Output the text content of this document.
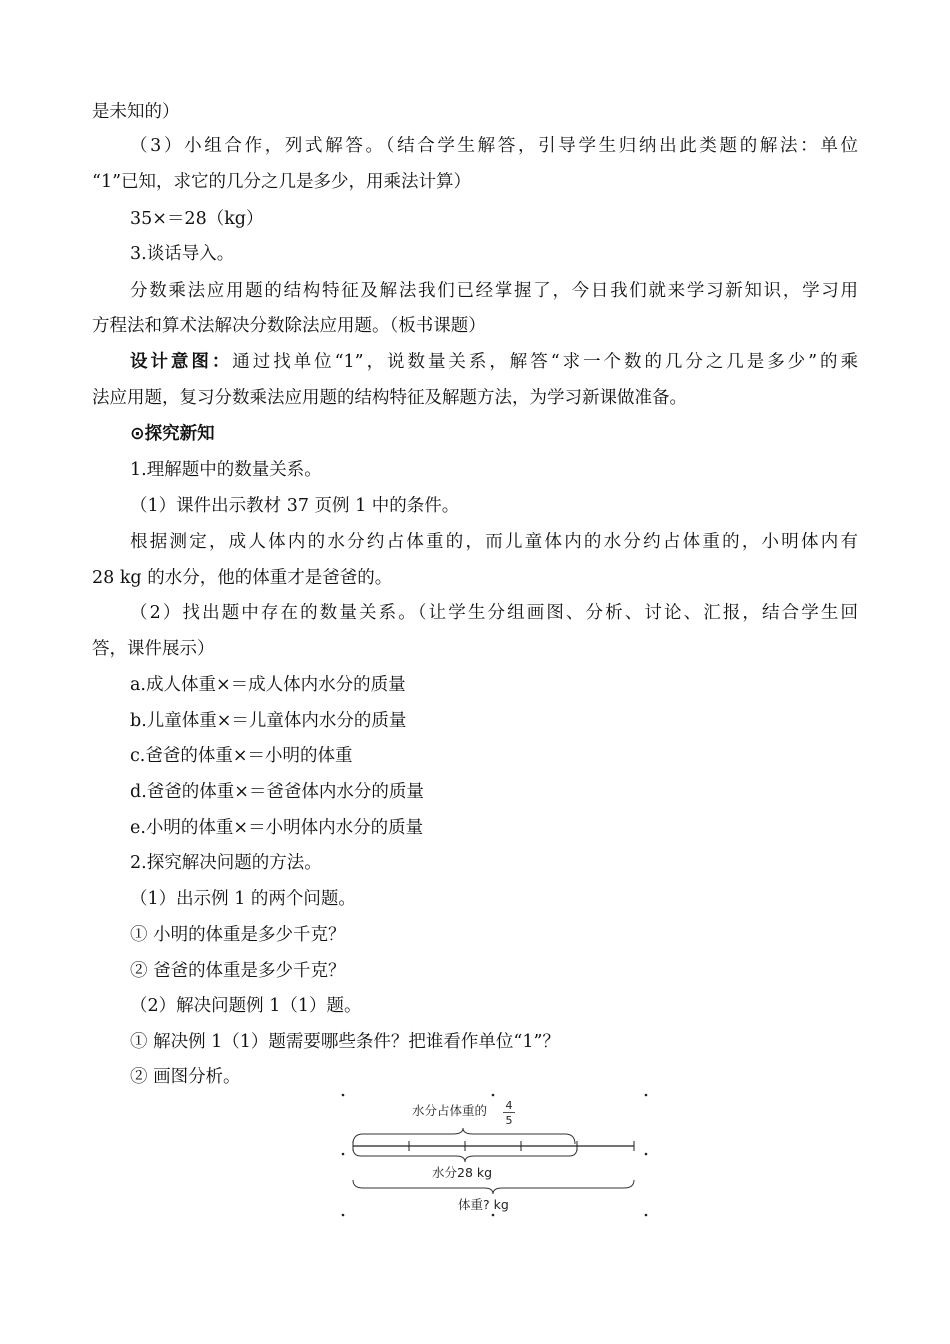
是未知的）
（3）小组合作，列式解答。（结合学生解答，引导学生归纳出此类题的解法：单位
“1”已知，求它的几分之几是多少，用乘法计算）
35×＝28（kg）
3.谈话导入。
分数乘法应用题的结构特征及解法我们已经掌握了，今日我们就来学习新知识，学习用
方程法和算术法解决分数除法应用题。（板书课题）
设计意图：通过找单位“1”，说数量关系，解答“求一个数的几分之几是多少”的乘
法应用题，复习分数乘法应用题的结构特征及解题方法，为学习新课做准备。
⊙探究新知
1.理解题中的数量关系。
（1）课件出示教材 37 页例 1 中的条件。
根据测定，成人体内的水分约占体重的，而儿童体内的水分约占体重的，小明体内有
28 kg 的水分，他的体重才是爸爸的。
（2）找出题中存在的数量关系。（让学生分组画图、分析、讨论、汇报，结合学生回
答，课件展示）
a.成人体重×＝成人体内水分的质量
b.儿童体重×＝儿童体内水分的质量
c.爸爸的体重×＝小明的体重
d.爸爸的体重×＝爸爸体内水分的质量
e.小明的体重×＝小明体内水分的质量
2.探究解决问题的方法。
（1）出示例 1 的两个问题。
① 小明的体重是多少千克？
② 爸爸的体重是多少千克？
（2）解决问题例 1（1）题。
① 解决例 1（1）题需要哪些条件？把谁看作单位“1”？
② 画图分析。
水分占体重的 4
5
水分28 kg
体重? kg
